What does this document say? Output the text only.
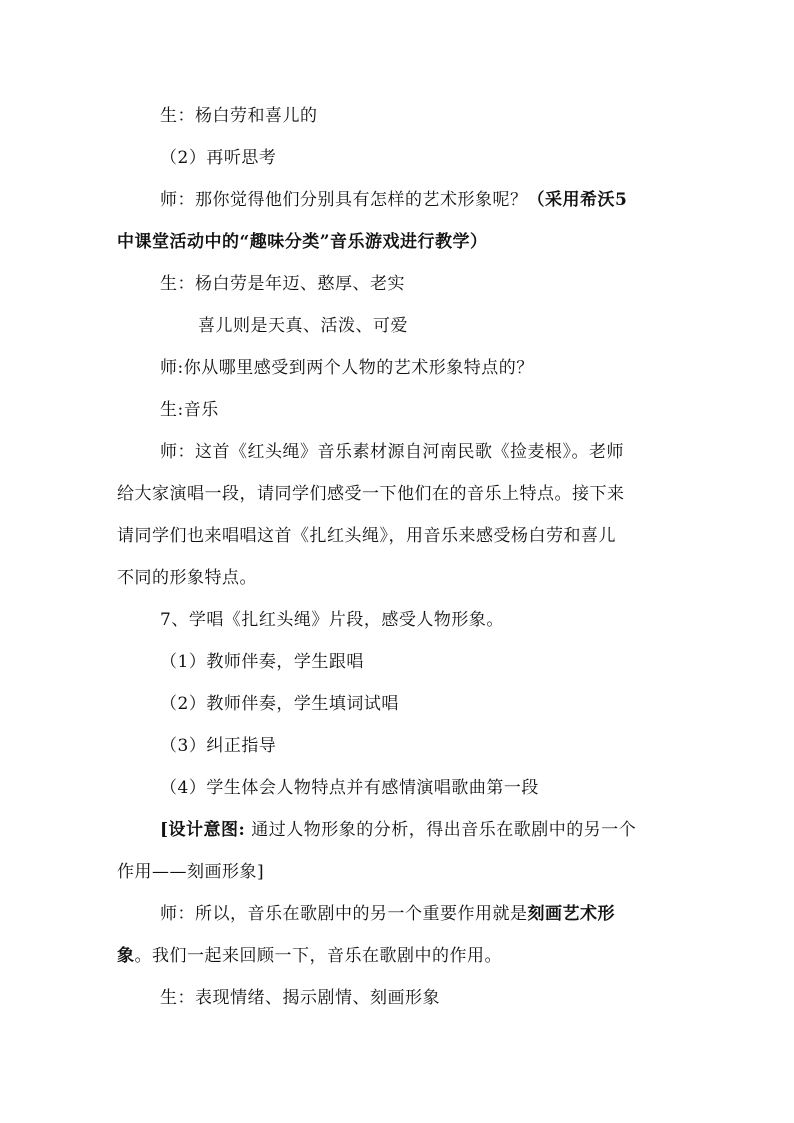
生：杨白劳和喜儿的
（2）再听思考
师：那你觉得他们分别具有怎样的艺术形象呢？（采用希沃5
中课堂活动中的“趣味分类”音乐游戏进行教学）
生：杨白劳是年迈、憨厚、老实
喜儿则是天真、活泼、可爱
师:你从哪里感受到两个人物的艺术形象特点的？
生:音乐
师：这首《红头绳》音乐素材源自河南民歌《捡麦根》。老师
给大家演唱一段，请同学们感受一下他们在的音乐上特点。接下来
请同学们也来唱唱这首《扎红头绳》，用音乐来感受杨白劳和喜儿
不同的形象特点。
7、学唱《扎红头绳》片段，感受人物形象。
（1）教师伴奏，学生跟唱
（2）教师伴奏，学生填词试唱
（3）纠正指导
（4）学生体会人物特点并有感情演唱歌曲第一段
[设计意图: 通过人物形象的分析，得出音乐在歌剧中的另一个
作用——刻画形象]
师：所以，音乐在歌剧中的另一个重要作用就是刻画艺术形
象。我们一起来回顾一下，音乐在歌剧中的作用。
生：表现情绪、揭示剧情、刻画形象
